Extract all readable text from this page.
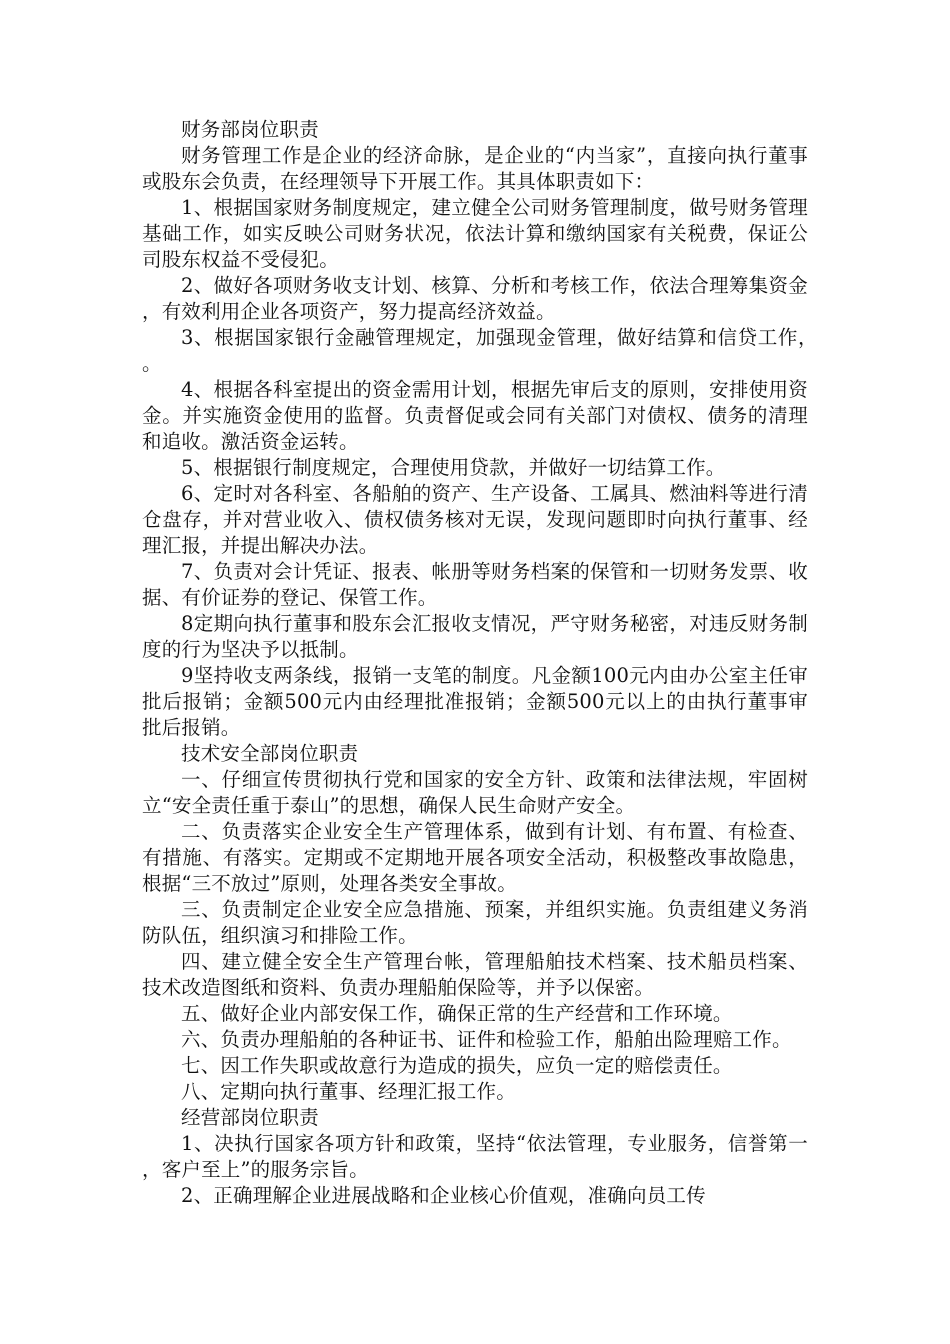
财务部岗位职责

财务管理工作是企业的经济命脉，是企业的“内当家”，直接向执行董事或股东会负责，在经理领导下开展工作。其具体职责如下：

1、根据国家财务制度规定，建立健全公司财务管理制度，做号财务管理基础工作，如实反映公司财务状况，依法计算和缴纳国家有关税费，保证公司股东权益不受侵犯。

2、做好各项财务收支计划、核算、分析和考核工作，依法合理筹集资金，有效利用企业各项资产，努力提高经济效益。

3、根据国家银行金融管理规定，加强现金管理，做好结算和信贷工作，。

4、根据各科室提出的资金需用计划，根据先审后支的原则，安排使用资金。并实施资金使用的监督。负责督促或会同有关部门对债权、债务的清理和追收。激活资金运转。

5、根据银行制度规定，合理使用贷款，并做好一切结算工作。

6、定时对各科室、各船舶的资产、生产设备、工属具、燃油料等进行清仓盘存，并对营业收入、债权债务核对无误，发现问题即时向执行董事、经理汇报，并提出解决办法。

7、负责对会计凭证、报表、帐册等财务档案的保管和一切财务发票、收据、有价证券的登记、保管工作。

8定期向执行董事和股东会汇报收支情况，严守财务秘密，对违反财务制度的行为坚决予以抵制。

9坚持收支两条线，报销一支笔的制度。凡金额100元内由办公室主任审批后报销；金额500元内由经理批准报销；金额500元以上的由执行董事审批后报销。

技术安全部岗位职责

一、仔细宣传贯彻执行党和国家的安全方针、政策和法律法规，牢固树立“安全责任重于泰山”的思想，确保人民生命财产安全。

二、负责落实企业安全生产管理体系，做到有计划、有布置、有检查、有措施、有落实。定期或不定期地开展各项安全活动，积极整改事故隐患，根据“三不放过”原则，处理各类安全事故。

三、负责制定企业安全应急措施、预案，并组织实施。负责组建义务消防队伍，组织演习和排险工作。

四、建立健全安全生产管理台帐，管理船舶技术档案、技术船员档案、技术改造图纸和资料、负责办理船舶保险等，并予以保密。

五、做好企业内部安保工作，确保正常的生产经营和工作环境。

六、负责办理船舶的各种证书、证件和检验工作，船舶出险理赔工作。

七、因工作失职或故意行为造成的损失，应负一定的赔偿责任。

八、定期向执行董事、经理汇报工作。

经营部岗位职责

1、决执行国家各项方针和政策，坚持“依法管理，专业服务，信誉第一，客户至上”的服务宗旨。

2、正确理解企业进展战略和企业核心价值观，准确向员工传
